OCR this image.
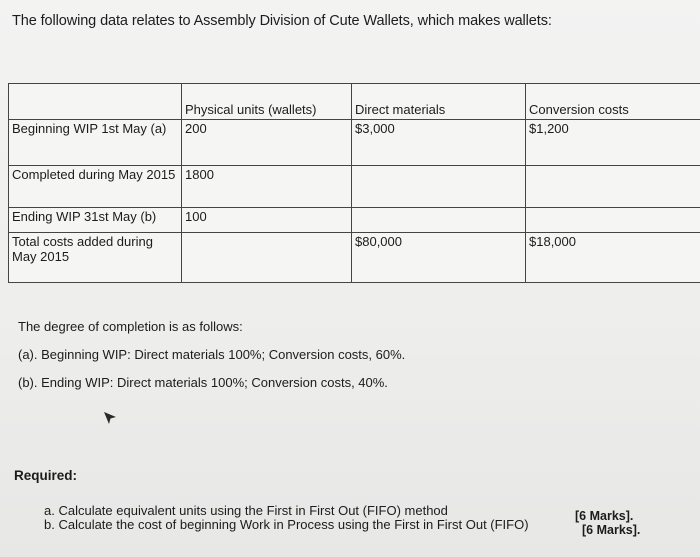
The following data relates to Assembly Division of Cute Wallets, which makes wallets:
	Physical units (wallets)	Direct materials	Conversion costs
Beginning WIP 1st May (a)	200	$3,000	$1,200
Completed during May 2015	1800		
Ending WIP 31st May (b)	100		
Total costs added during May 2015		$80,000	$18,000

The degree of completion is as follows:

(a). Beginning WIP: Direct materials 100%; Conversion costs, 60%.

(b). Ending WIP: Direct materials 100%; Conversion costs, 40%.

Required:
a. Calculate equivalent units using the First in First Out (FIFO) method
b. Calculate the cost of beginning Work in Process using the First in First Out (FIFO)
[6 Marks].
[6 Marks].
